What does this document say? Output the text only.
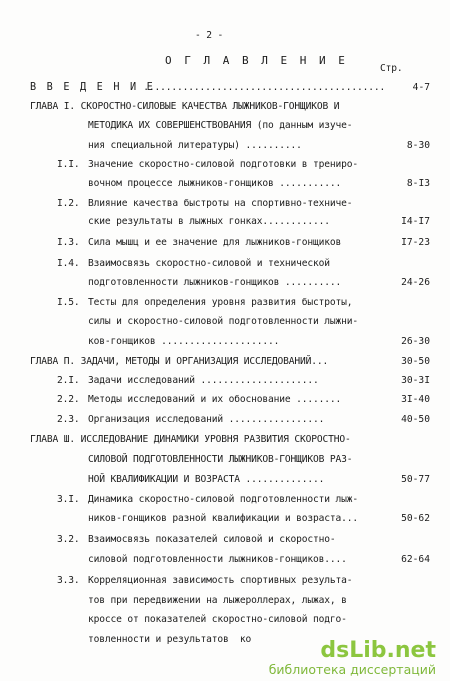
- 2 -
О Г Л А В Л Е Н И Е
Стр.
В В Е Д Е Н И Е
...........................................	4-7
ГЛАВА I. СКОРОСТНО-СИЛОВЫЕ КАЧЕСТВА ЛЫЖНИКОВ-ГОНЩИКОВ И
МЕТОДИКА ИХ СОВЕРШЕНСТВОВАНИЯ (по данным изуче-
ния специальной литературы) ..........	8-30
I.I. Значение скоростно-силовой подготовки в трениро-
вочном процессе лыжников-гонщиков ...........	8-I3
I.2. Влияние качества быстроты на спортивно-техниче-
ские результаты в лыжных гонках............	I4-I7
I.3. Сила мышц и ее значение для лыжников-гонщиков	I7-23
I.4. Взаимосвязь скоростно-силовой и технической
подготовленности лыжников-гонщиков ..........	24-26
I.5. Тесты для определения уровня развития быстроты,
силы и скоростно-силовой подготовленности лыжни-
ков-гонщиков .....................	26-30
ГЛАВА П. ЗАДАЧИ, МЕТОДЫ И ОРГАНИЗАЦИЯ ИССЛЕДОВАНИЙ...	30-50
2.I. Задачи исследований .....................	30-3I
2.2. Методы исследований и их обоснование ........	3I-40
2.3. Организация исследований .................	40-50
ГЛАВА Ш. ИССЛЕДОВАНИЕ ДИНАМИКИ УРОВНЯ РАЗВИТИЯ СКОРОСТНО-
СИЛОВОЙ ПОДГОТОВЛЕННОСТИ ЛЫЖНИКОВ-ГОНЩИКОВ РАЗ-
НОЙ КВАЛИФИКАЦИИ И ВОЗРАСТА ..............	50-77
3.I. Динамика скоростно-силовой подготовленности лыж-
ников-гонщиков разной квалификации и возраста...	50-62
3.2. Взаимосвязь показателей силовой и скоростно-
силовой подготовленности лыжников-гонщиков....	62-64
3.3. Корреляционная зависимость спортивных результа-
тов при передвижении на лыжероллерах, лыжах, в
кроссе от показателей скоростно-силовой подго-
товленности и результатов  ко	dsLib.net
библиотека диссертаций
